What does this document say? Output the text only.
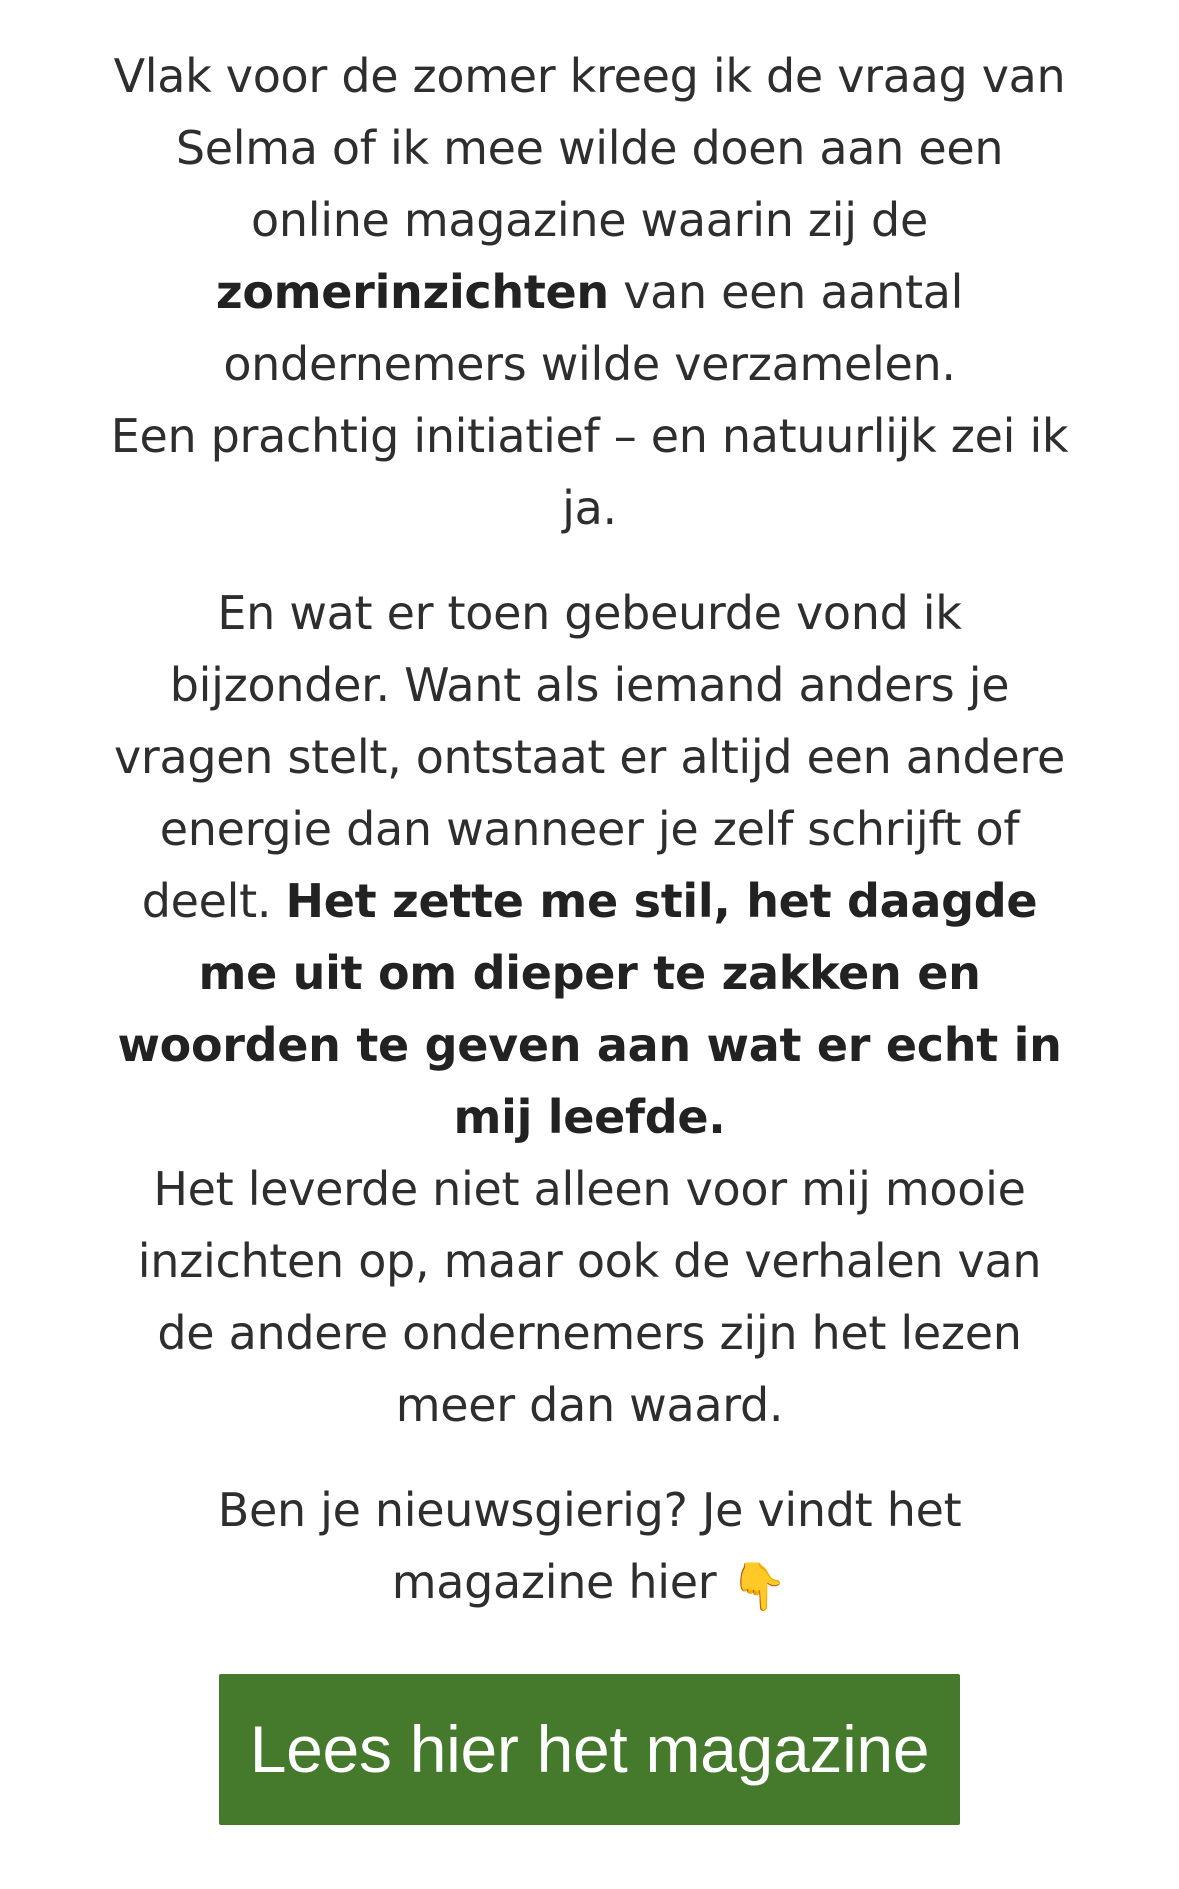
Vlak voor de zomer kreeg ik de vraag van Selma of ik mee wilde doen aan een online magazine waarin zij de zomerinzichten van een aantal ondernemers wilde verzamelen.
Een prachtig initiatief – en natuurlijk zei ik ja.

En wat er toen gebeurde vond ik bijzonder. Want als iemand anders je vragen stelt, ontstaat er altijd een andere energie dan wanneer je zelf schrijft of deelt. Het zette me stil, het daagde me uit om dieper te zakken en woorden te geven aan wat er echt in mij leefde.
Het leverde niet alleen voor mij mooie inzichten op, maar ook de verhalen van de andere ondernemers zijn het lezen meer dan waard.

Ben je nieuwsgierig? Je vindt het magazine hier 👇

Lees hier het magazine
